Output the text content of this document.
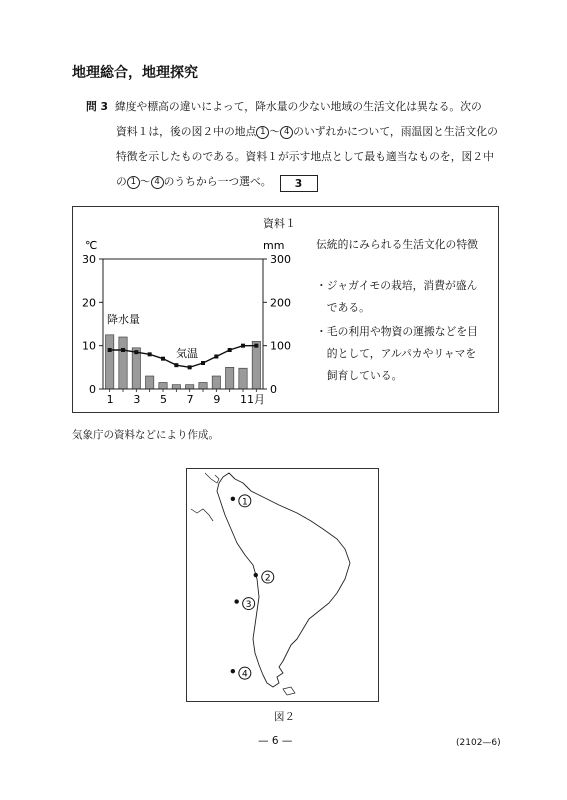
地理総合，地理探究
問 3 緯度や標高の違いによって，降水量の少ない地域の生活文化は異なる。次の
資料１は，後の図２中の地点 1 ～ 4 のいずれかについて，雨温図と生活文化の
特徴を示したものである。資料１が示す地点として最も適当なものを，図２中
の 1 ～ 4 のうちから一つ選べ。 3
資料１
伝統的にみられる生活文化の特徴
・ジャガイモの栽培，消費が盛ん
　である。
・毛の利用や物資の運搬などを目
　的として，アルパカやリャマを
　飼育している。
℃	mm
0
10
20
30
0
100
200
300
1 3 5 7 9 11月
降水量
気温
気象庁の資料などにより作成。
1
2
3
4
図２
— 6 —	(2102—6)
